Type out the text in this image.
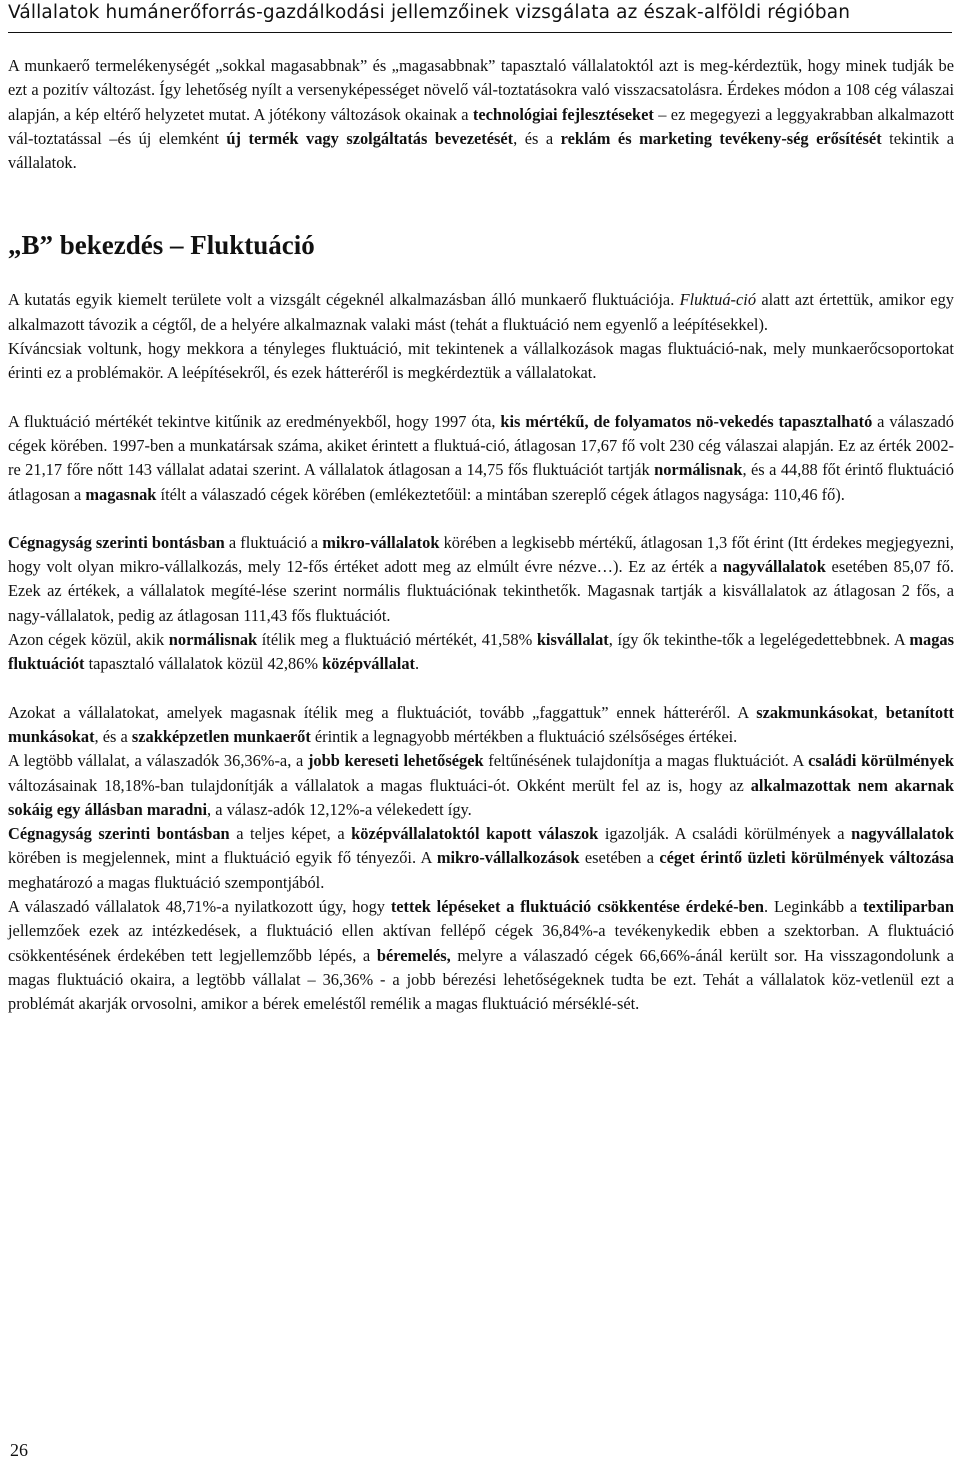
Vállalatok humánerőforrás-gazdálkodási jellemzőinek vizsgálata az észak-alföldi régióban

A munkaerő termelékenységét „sokkal magasabbnak” és „magasabbnak” tapasztaló vállalatoktól azt is meg-kérdeztük, hogy minek tudják be ezt a pozitív változást. Így lehetőség nyílt a versenyképességet növelő vál-toztatásokra való visszacsatolásra. Érdekes módon a 108 cég válaszai alapján, a kép eltérő helyzetet mutat. A jótékony változások okainak a technológiai fejlesztéseket – ez megegyezi a leggyakrabban alkalmazott vál-toztatással –és új elemként új termék vagy szolgáltatás bevezetését, és a reklám és marketing tevékeny-ség erősítését tekintik a vállalatok.

„B” bekezdés – Fluktuáció

A kutatás egyik kiemelt területe volt a vizsgált cégeknél alkalmazásban álló munkaerő fluktuációja. Fluktuá-ció alatt azt értettük, amikor egy alkalmazott távozik a cégtől, de a helyére alkalmaznak valaki mást (tehát a fluktuáció nem egyenlő a leépítésekkel).

Kíváncsiak voltunk, hogy mekkora a tényleges fluktuáció, mit tekintenek a vállalkozások magas fluktuáció-nak, mely munkaerőcsoportokat érinti ez a problémakör. A leépítésekről, és ezek hátteréről is megkérdeztük a vállalatokat.

A fluktuáció mértékét tekintve kitűnik az eredményekből, hogy 1997 óta, kis mértékű, de folyamatos nö-vekedés tapasztalható a válaszadó cégek körében. 1997-ben a munkatársak száma, akiket érintett a fluktuá-ció, átlagosan 17,67 fő volt 230 cég válaszai alapján. Ez az érték 2002-re 21,17 főre nőtt 143 vállalat adatai szerint. A vállalatok átlagosan a 14,75 fős fluktuációt tartják normálisnak, és a 44,88 főt érintő fluktuáció átlagosan a magasnak ítélt a válaszadó cégek körében (emlékeztetőül: a mintában szereplő cégek átlagos nagysága: 110,46 fő).

Cégnagyság szerinti bontásban a fluktuáció a mikro-vállalatok körében a legkisebb mértékű, átlagosan 1,3 főt érint (Itt érdekes megjegyezni, hogy volt olyan mikro-vállalkozás, mely 12-fős értéket adott meg az elmúlt évre nézve…). Ez az érték a nagyvállalatok esetében 85,07 fő. Ezek az értékek, a vállalatok megíté-lése szerint normális fluktuációnak tekinthetők. Magasnak tartják a kisvállalatok az átlagosan 2 fős, a nagy-vállalatok, pedig az átlagosan 111,43 fős fluktuációt.

Azon cégek közül, akik normálisnak ítélik meg a fluktuáció mértékét, 41,58% kisvállalat, így ők tekinthe-tők a legelégedettebbnek. A magas fluktuációt tapasztaló vállalatok közül 42,86% középvállalat.

Azokat a vállalatokat, amelyek magasnak ítélik meg a fluktuációt, tovább „faggattuk” ennek hátteréről. A szakmunkásokat, betanított munkásokat, és a szakképzetlen munkaerőt érintik a legnagyobb mértékben a fluktuáció szélsőséges értékei.

A legtöbb vállalat, a válaszadók 36,36%-a, a jobb kereseti lehetőségek feltűnésének tulajdonítja a magas fluktuációt. A családi körülmények változásainak 18,18%-ban tulajdonítják a vállalatok a magas fluktuáci-ót. Okként merült fel az is, hogy az alkalmazottak nem akarnak sokáig egy állásban maradni, a válasz-adók 12,12%-a vélekedett így.

Cégnagyság szerinti bontásban a teljes képet, a középvállalatoktól kapott válaszok igazolják. A családi körülmények a nagyvállalatok körében is megjelennek, mint a fluktuáció egyik fő tényezői. A mikro-vállalkozások esetében a céget érintő üzleti körülmények változása meghatározó a magas fluktuáció szempontjából.

A válaszadó vállalatok 48,71%-a nyilatkozott úgy, hogy tettek lépéseket a fluktuáció csökkentése érdeké-ben. Leginkább a textiliparban jellemzőek ezek az intézkedések, a fluktuáció ellen aktívan fellépő cégek 36,84%-a tevékenykedik ebben a szektorban. A fluktuáció csökkentésének érdekében tett legjellemzőbb lépés, a béremelés, melyre a válaszadó cégek 66,66%-ánál került sor. Ha visszagondolunk a magas fluktuáció okaira, a legtöbb vállalat – 36,36% - a jobb bérezési lehetőségeknek tudta be ezt. Tehát a vállalatok köz-vetlenül ezt a problémát akarják orvosolni, amikor a bérek emeléstől remélik a magas fluktuáció mérséklé-sét.

26
